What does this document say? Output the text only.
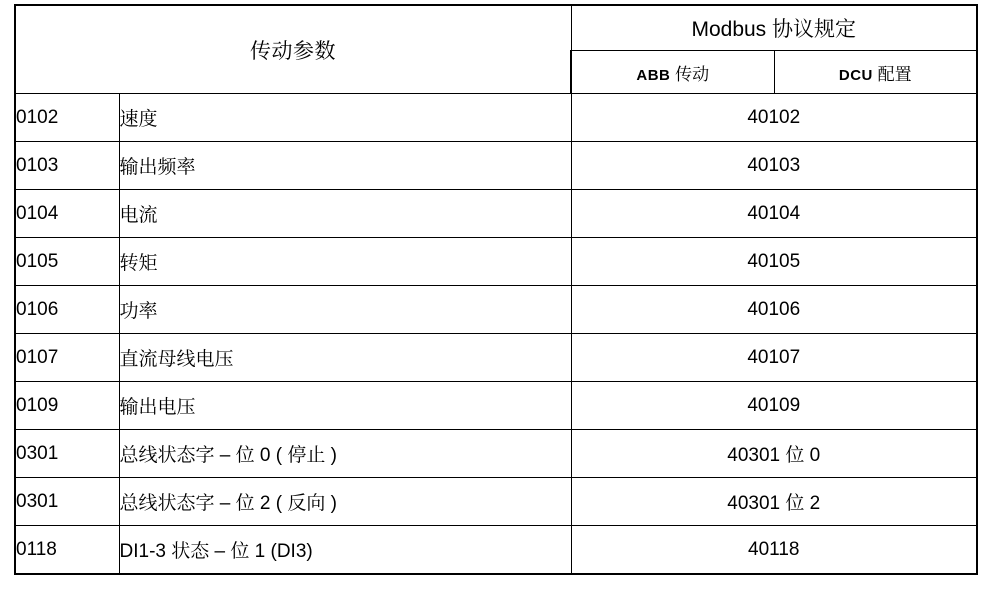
传动参数		Modbus 协议规定	
		ABB 传动	DCU 配置
0102	速度	40102	
0103	输出频率	40103	
0104	电流	40104	
0105	转矩	40105	
0106	功率	40106	
0107	直流母线电压	40107	
0109	输出电压	40109	
0301	总线状态字 – 位 0 ( 停止 )	40301 位 0	
0301	总线状态字 – 位 2 ( 反向 )	40301 位 2	
0118	DI1-3 状态 – 位 1 (DI3)	40118	
